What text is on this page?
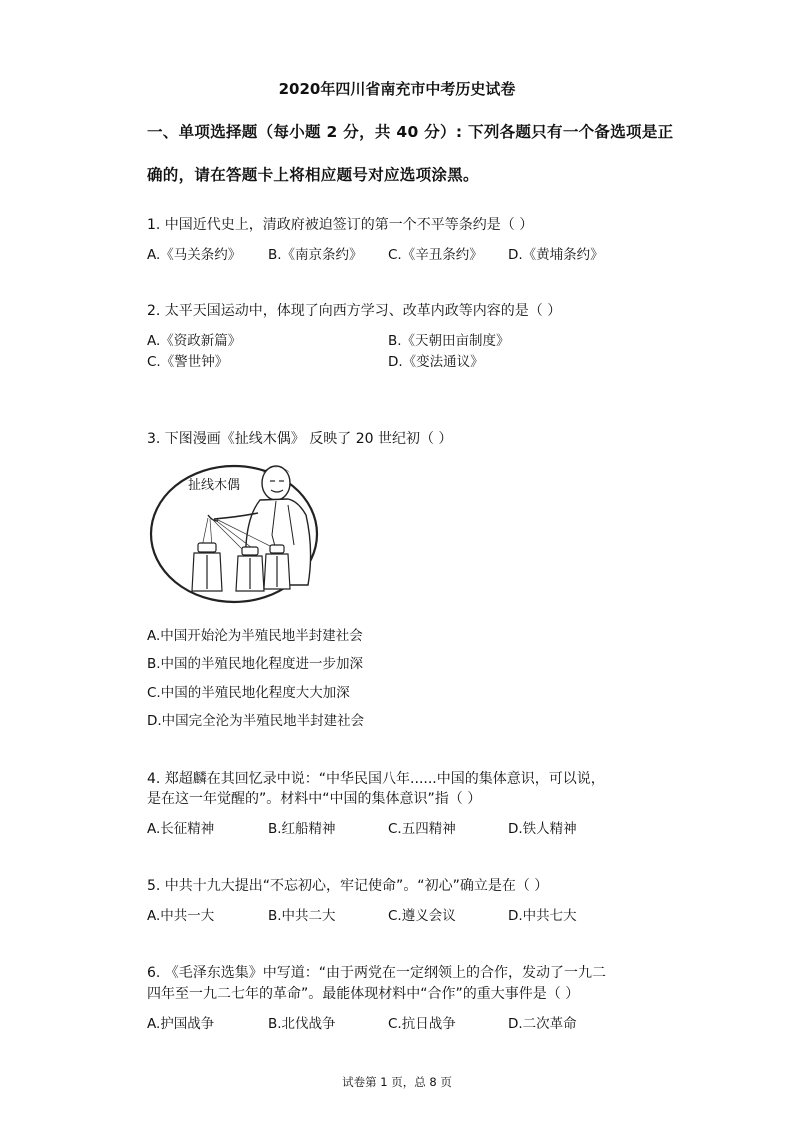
2020年四川省南充市中考历史试卷
一、单项选择题（每小题 2 分，共 40 分）: 下列各题只有一个备选项是正
确的，请在答题卡上将相应题号对应选项涂黑。
1. 中国近代史上，清政府被迫签订的第一个不平等条约是（ ）
A.《马关条约》 B.《南京条约》 C.《辛丑条约》 D.《黄埔条约》
2. 太平天国运动中，体现了向西方学习、改革内政等内容的是（ ）
A.《资政新篇》	B.《天朝田亩制度》
C.《警世钟》	D.《变法通议》
3. 下图漫画《扯线木偶》 反映了 20 世纪初（ ）
扯线木偶
A.中国开始沦为半殖民地半封建社会
B.中国的半殖民地化程度进一步加深
C.中国的半殖民地化程度大大加深
D.中国完全沦为半殖民地半封建社会
4. 郑超麟在其回忆录中说：“中华民国八年......中国的集体意识，可以说，
是在这一年觉醒的”。材料中“中国的集体意识”指（ ）
A.长征精神	B.红船精神	C.五四精神	D.铁人精神
5. 中共十九大提出“不忘初心，牢记使命”。“初心”确立是在（ ）
A.中共一大	B.中共二大	C.遵义会议	D.中共七大
6. 《毛泽东选集》中写道：“由于两党在一定纲领上的合作，发动了一九二
四年至一九二七年的革命”。最能体现材料中“合作”的重大事件是（ ）
A.护国战争	B.北伐战争	C.抗日战争	D.二次革命
试卷第 1 页，总 8 页
